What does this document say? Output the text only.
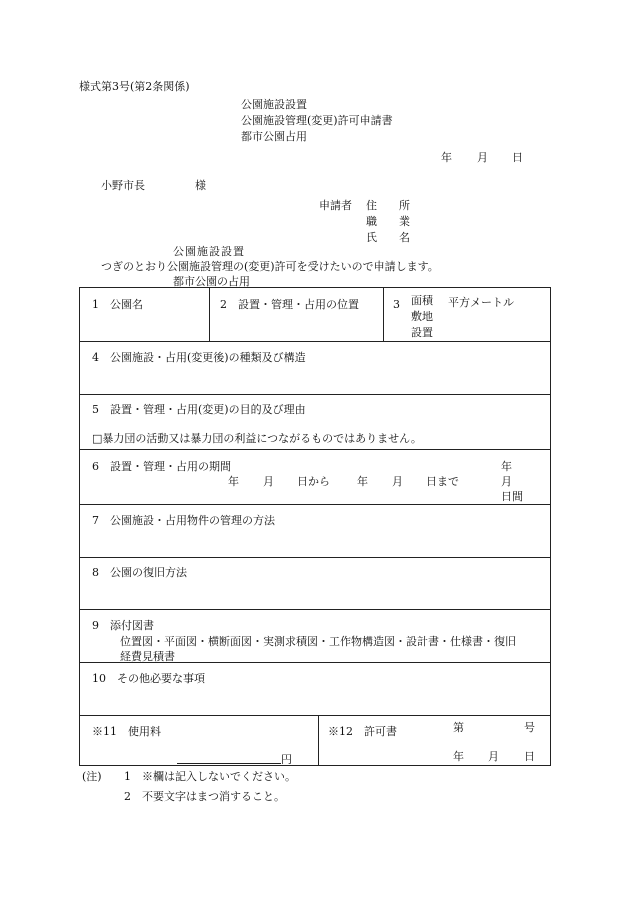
様式第3号(第2条関係)
公園施設設置
公園施設管理(変更)許可申請書
都市公園占用
年 月 日
小野市長	様
申請者 住　　所
職　　業
氏　　名
公園施設設置
つぎのとおり公園施設管理の(変更)許可を受けたいので申請します。
都市公園の占用
1　公園名	2　設置・管理・占用の位置	3 面積
敷地
設置
平方メートル
4　公園施設・占用(変更後)の種類及び構造
5　設置・管理・占用(変更)の目的及び理由
□暴力団の活動又は暴力団の利益につながるものではありません。
6　設置・管理・占用の期間
年 月 日から 年 月 日まで
年
月
日間
7　公園施設・占用物件の管理の方法
8　公園の復旧方法
9　添付図書
位置図・平面図・横断面図・実測求積図・工作物構造図・設計書・仕様書・復旧
経費見積書
10　その他必要な事項
※11　使用料
円
※12　許可書	第	号
年 月 日
(注) 1　※欄は記入しないでください。
2　不要文字はまつ消すること。
